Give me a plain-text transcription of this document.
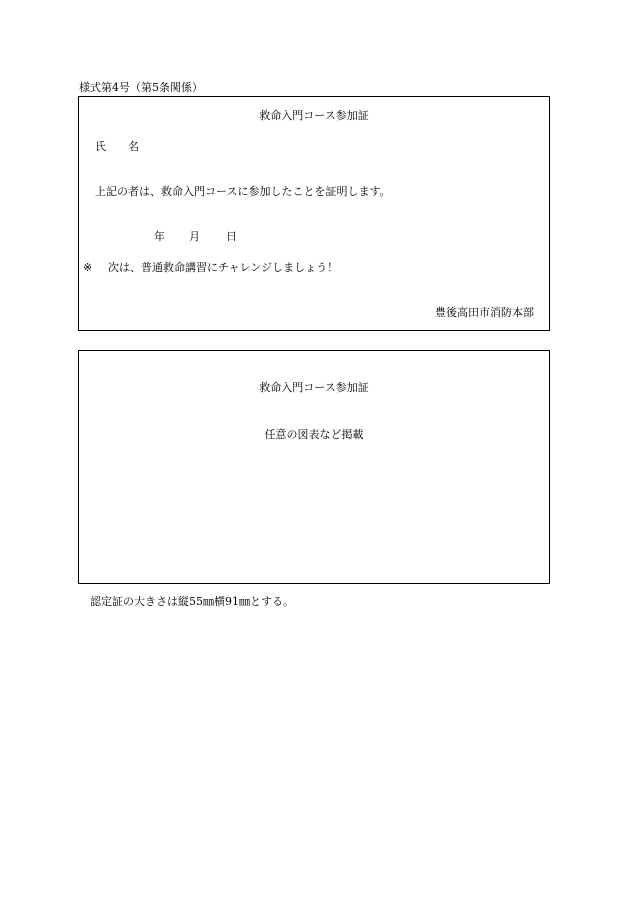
様式第4号（第5条関係）
救命入門コース参加証
氏　　名
上記の者は、救命入門コースに参加したことを証明します。
年 月 日
※ 次は、普通救命講習にチャレンジしましょう！
豊後高田市消防本部
救命入門コース参加証
任意の図表など掲載
認定証の大きさは縦55㎜横91㎜とする。
